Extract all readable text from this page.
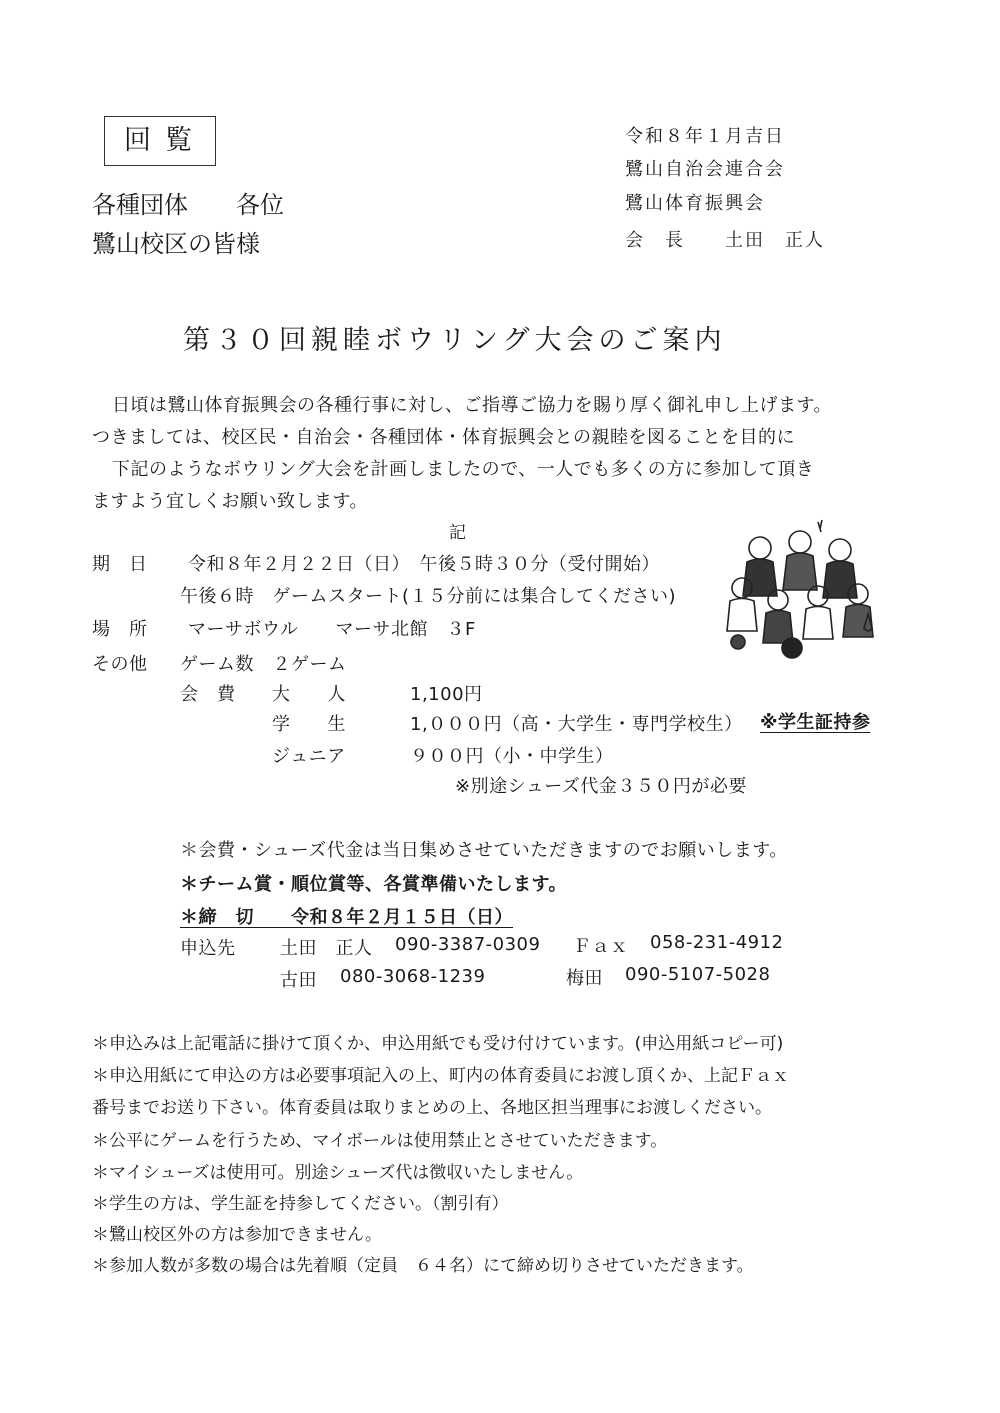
回覧
各種団体　　各位
鷺山校区の皆様
令和８年１月吉日
鷺山自治会連合会
鷺山体育振興会
会　長　　土田　正人
第３０回親睦ボウリング大会のご案内
日頃は鷺山体育振興会の各種行事に対し、ご指導ご協力を賜り厚く御礼申し上げます。
つきましては、校区民・自治会・各種団体・体育振興会との親睦を図ることを目的に
下記のようなボウリング大会を計画しましたので、一人でも多くの方に参加して頂き
ますよう宜しくお願い致します。
記
期　日 令和８年２月２２日（日）　午後５時３０分（受付開始）
午後６時　ゲームスタート(１５分前には集合してください)
場　所 マーサボウル　　マーサ北館　３F
その他 ゲーム数　２ゲーム
会　費 大　　人	1,100円
学　　生	1,０００円（高・大学生・専門学校生） ※学生証持参
ジュニア	９００円（小・中学生）
※別途シューズ代金３５０円が必要
＊会費・シューズ代金は当日集めさせていただきますのでお願いします。
＊チーム賞・順位賞等、各賞準備いたします。
＊締　切　　令和８年２月１５日（日）
申込先 土田　正人 090-3387-0309 Ｆａｘ 058-231-4912
古田 080-3068-1239	梅田 090-5107-5028
＊申込みは上記電話に掛けて頂くか、申込用紙でも受け付けています。(申込用紙コピー可)
＊申込用紙にて申込の方は必要事項記入の上、町内の体育委員にお渡し頂くか、上記Ｆａｘ
番号までお送り下さい。体育委員は取りまとめの上、各地区担当理事にお渡しください。
＊公平にゲームを行うため、マイボールは使用禁止とさせていただきます。
＊マイシューズは使用可。別途シューズ代は徴収いたしません。
＊学生の方は、学生証を持参してください。（割引有）
＊鷺山校区外の方は参加できません。
＊参加人数が多数の場合は先着順（定員　６４名）にて締め切りさせていただきます。
